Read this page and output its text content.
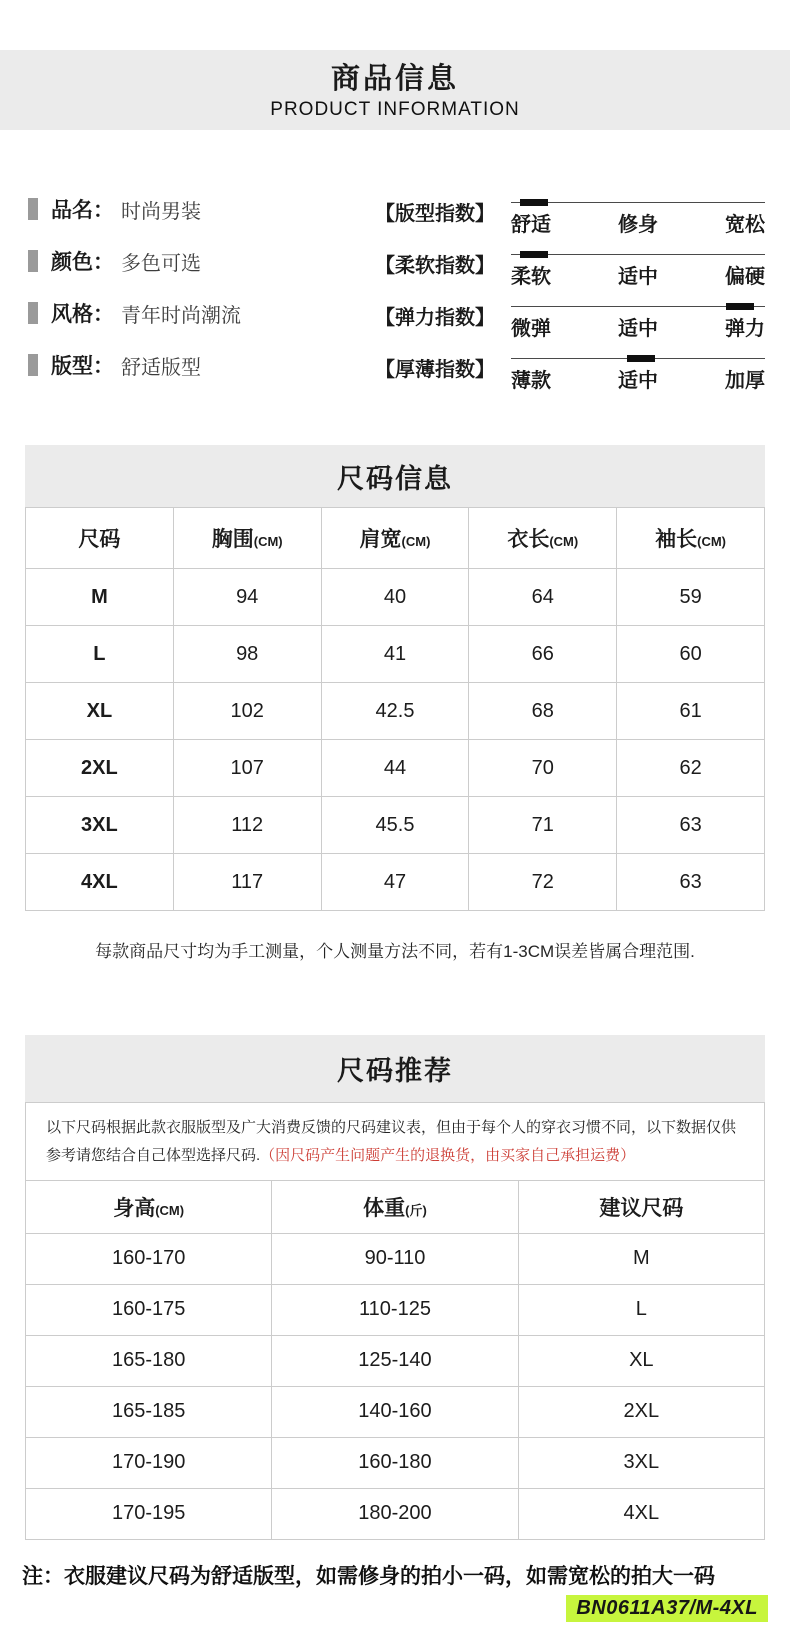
商品信息
PRODUCT INFORMATION
品名： 时尚男装	【版型指数】 舒适	修身	宽松
颜色： 多色可选	【柔软指数】 柔软	适中	偏硬
风格： 青年时尚潮流	【弹力指数】 微弹	适中	弹力
版型： 舒适版型	【厚薄指数】 薄款	适中	加厚
尺码信息
尺码	胸围(CM)	肩宽(CM)	衣长(CM)	袖长(CM)
M	94	40	64	59
L	98	41	66	60
XL	102	42.5	68	61
2XL	107	44	70	62
3XL	112	45.5	71	63
4XL	117	47	72	63
每款商品尺寸均为手工测量，个人测量方法不同，若有1-3CM误差皆属合理范围.
尺码推荐
以下尺码根据此款衣服版型及广大消费反馈的尺码建议表，但由于每个人的穿衣习惯不同，以下数据仅供参考请您结合自己体型选择尺码.（因尺码产生问题产生的退换货，由买家自己承担运费）
身高(CM)	体重(斤)	建议尺码
160-170	90-110	M
160-175	110-125	L
165-180	125-140	XL
165-185	140-160	2XL
170-190	160-180	3XL
170-195	180-200	4XL
注：衣服建议尺码为舒适版型，如需修身的拍小一码，如需宽松的拍大一码
BN0611A37/M-4XL
